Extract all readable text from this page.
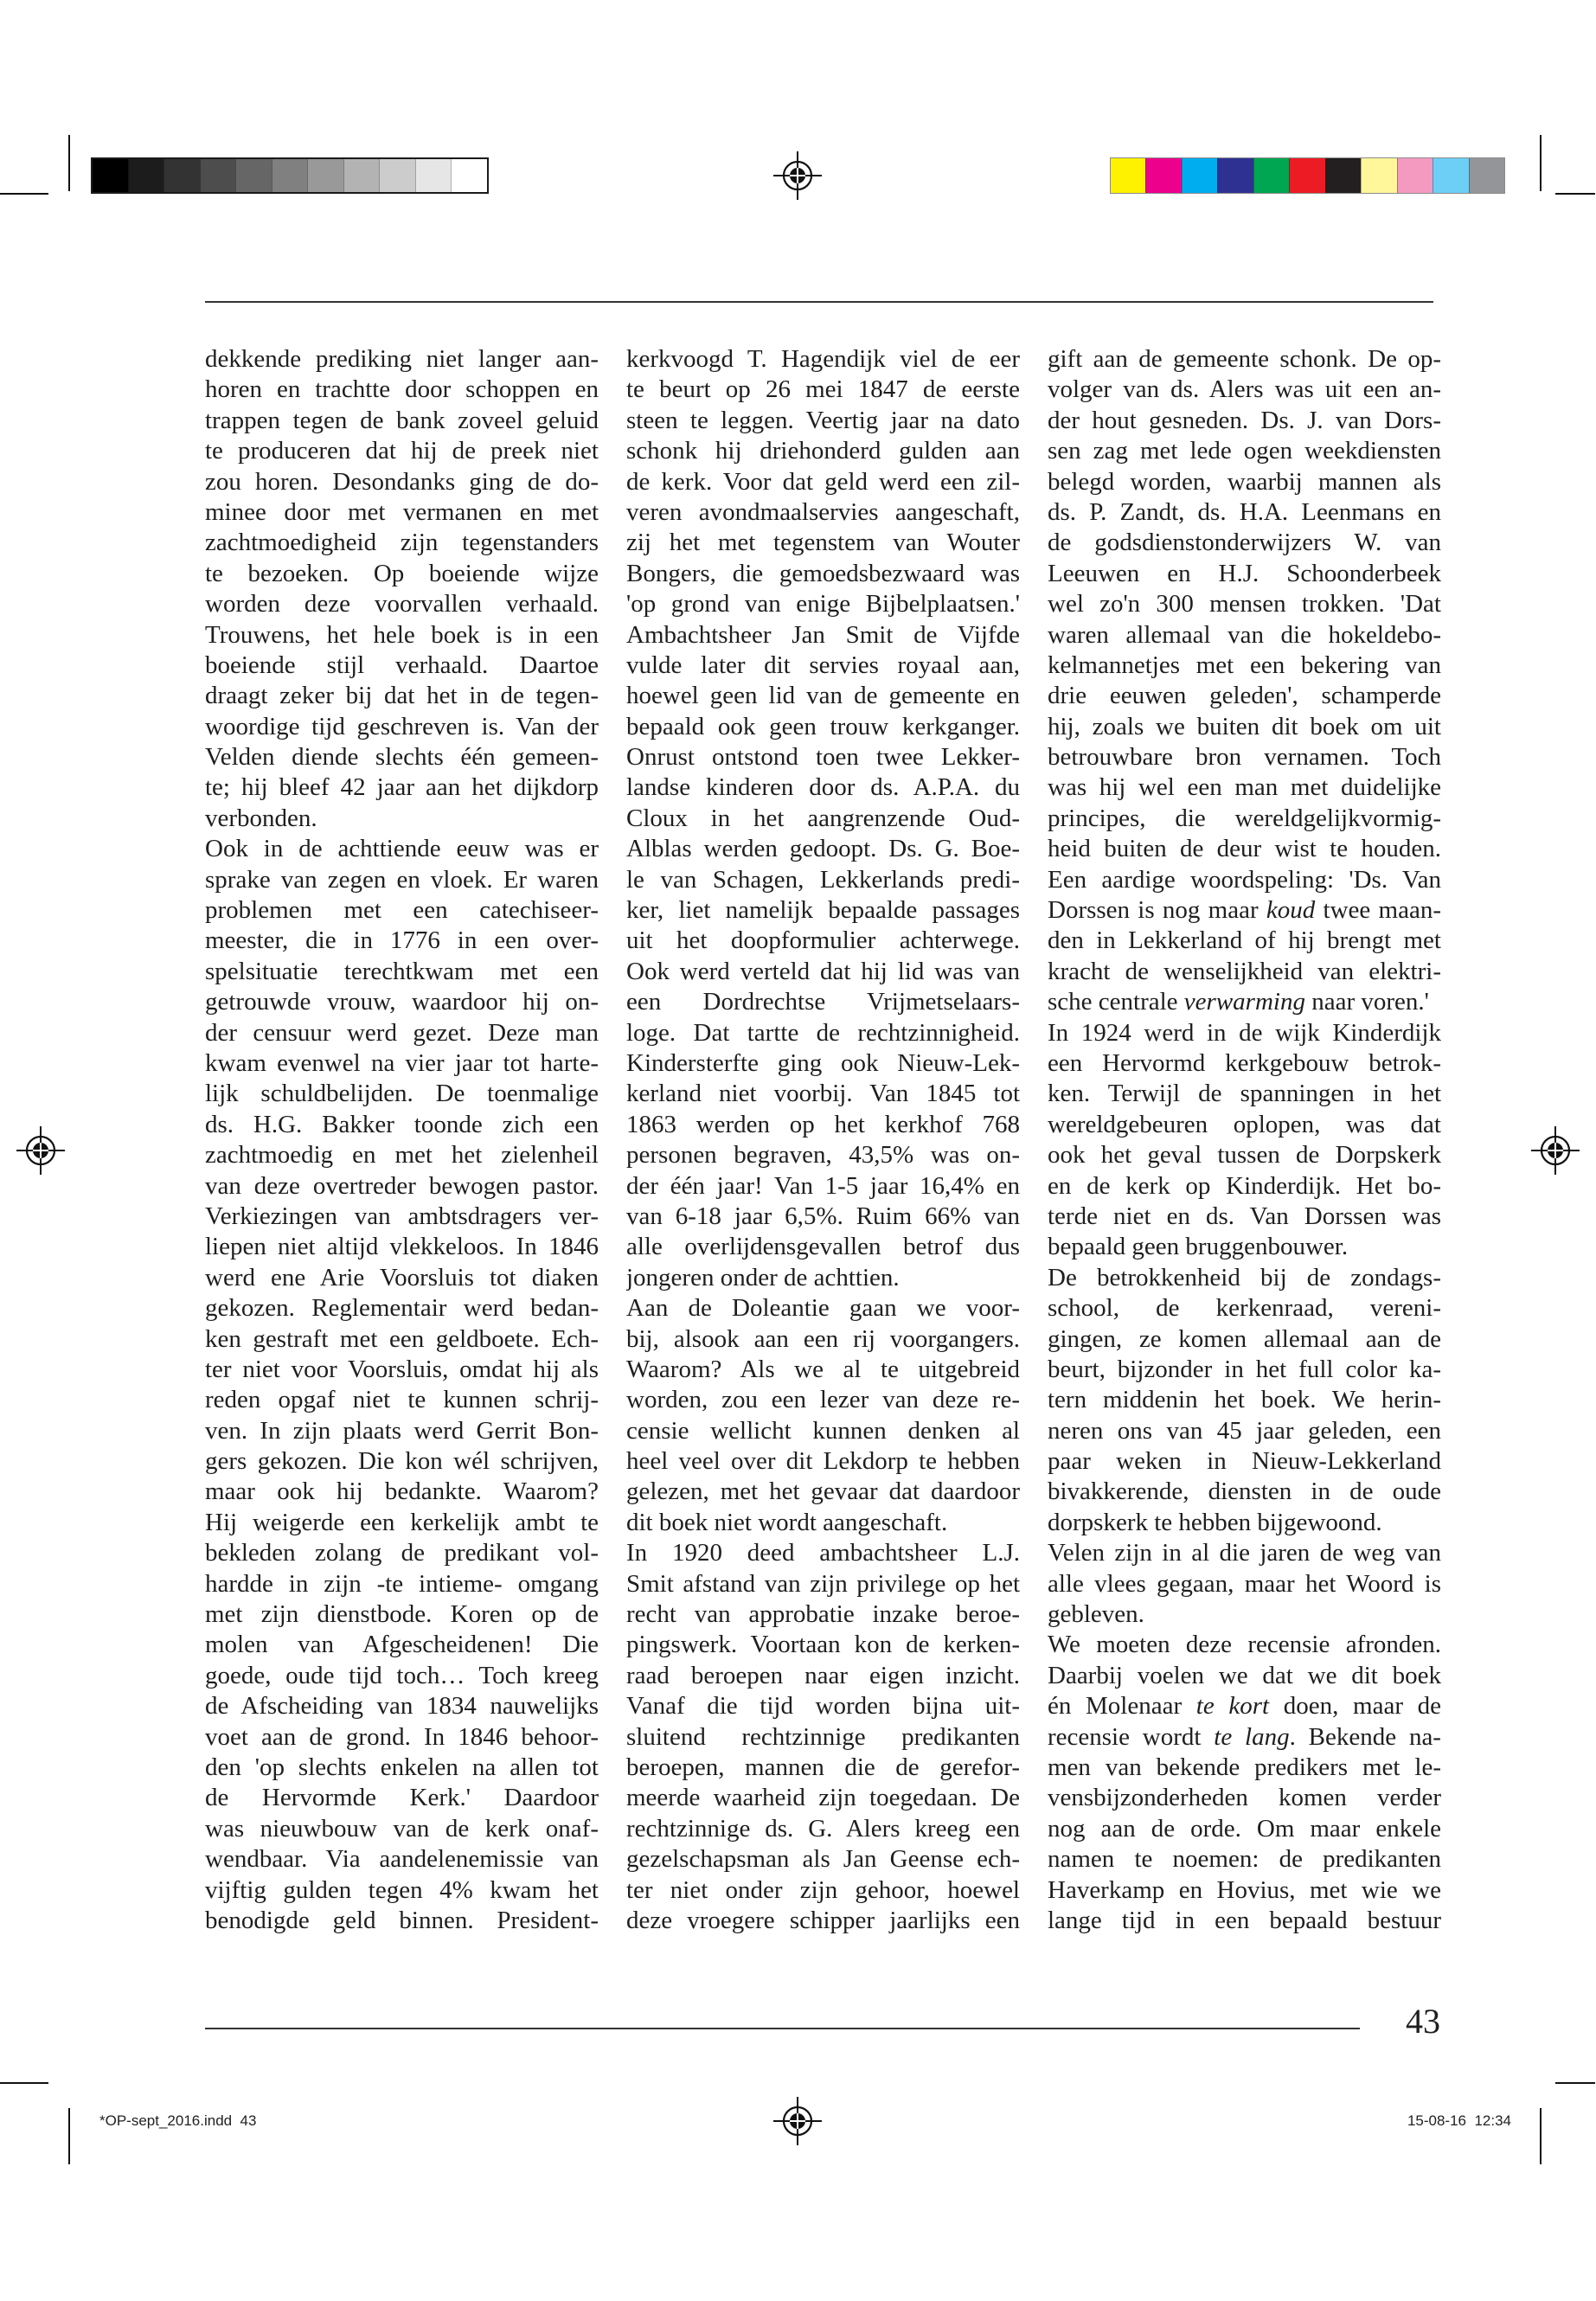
dekkende prediking niet langer aan-
horen en trachtte door schoppen en
trappen tegen de bank zoveel geluid
te produceren dat hij de preek niet
zou horen. Desondanks ging de do-
minee door met vermanen en met
zachtmoedigheid zijn tegenstanders
te bezoeken. Op boeiende wijze
worden deze voorvallen verhaald.
Trouwens, het hele boek is in een
boeiende stijl verhaald. Daartoe
draagt zeker bij dat het in de tegen-
woordige tijd geschreven is. Van der
Velden diende slechts één gemeen-
te; hij bleef 42 jaar aan het dijkdorp
verbonden.
Ook in de achttiende eeuw was er
sprake van zegen en vloek. Er waren
problemen met een catechiseer-
meester, die in 1776 in een over-
spelsituatie terechtkwam met een
getrouwde vrouw, waardoor hij on-
der censuur werd gezet. Deze man
kwam evenwel na vier jaar tot harte-
lijk schuldbelijden. De toenmalige
ds. H.G. Bakker toonde zich een
zachtmoedig en met het zielenheil
van deze overtreder bewogen pastor.
Verkiezingen van ambtsdragers ver-
liepen niet altijd vlekkeloos. In 1846
werd ene Arie Voorsluis tot diaken
gekozen. Reglementair werd bedan-
ken gestraft met een geldboete. Ech-
ter niet voor Voorsluis, omdat hij als
reden opgaf niet te kunnen schrij-
ven. In zijn plaats werd Gerrit Bon-
gers gekozen. Die kon wél schrijven,
maar ook hij bedankte. Waarom?
Hij weigerde een kerkelijk ambt te
bekleden zolang de predikant vol-
hardde in zijn -te intieme- omgang
met zijn dienstbode. Koren op de
molen van Afgescheidenen! Die
goede, oude tijd toch… Toch kreeg
de Afscheiding van 1834 nauwelijks
voet aan de grond. In 1846 behoor-
den 'op slechts enkelen na allen tot
de Hervormde Kerk.' Daardoor
was nieuwbouw van de kerk onaf-
wendbaar. Via aandelenemissie van
vijftig gulden tegen 4% kwam het
benodigde geld binnen. President-
kerkvoogd T. Hagendijk viel de eer
te beurt op 26 mei 1847 de eerste
steen te leggen. Veertig jaar na dato
schonk hij driehonderd gulden aan
de kerk. Voor dat geld werd een zil-
veren avondmaalservies aangeschaft,
zij het met tegenstem van Wouter
Bongers, die gemoedsbezwaard was
'op grond van enige Bijbelplaatsen.'
Ambachtsheer Jan Smit de Vijfde
vulde later dit servies royaal aan,
hoewel geen lid van de gemeente en
bepaald ook geen trouw kerkganger.
Onrust ontstond toen twee Lekker-
landse kinderen door ds. A.P.A. du
Cloux in het aangrenzende Oud-
Alblas werden gedoopt. Ds. G. Boe-
le van Schagen, Lekkerlands predi-
ker, liet namelijk bepaalde passages
uit het doopformulier achterwege.
Ook werd verteld dat hij lid was van
een Dordrechtse Vrijmetselaars-
loge. Dat tartte de rechtzinnigheid.
Kindersterfte ging ook Nieuw-Lek-
kerland niet voorbij. Van 1845 tot
1863 werden op het kerkhof 768
personen begraven, 43,5% was on-
der één jaar! Van 1-5 jaar 16,4% en
van 6-18 jaar 6,5%. Ruim 66% van
alle overlijdensgevallen betrof dus
jongeren onder de achttien.
Aan de Doleantie gaan we voor-
bij, alsook aan een rij voorgangers.
Waarom? Als we al te uitgebreid
worden, zou een lezer van deze re-
censie wellicht kunnen denken al
heel veel over dit Lekdorp te hebben
gelezen, met het gevaar dat daardoor
dit boek niet wordt aangeschaft.
In 1920 deed ambachtsheer L.J.
Smit afstand van zijn privilege op het
recht van approbatie inzake beroe-
pingswerk. Voortaan kon de kerken-
raad beroepen naar eigen inzicht.
Vanaf die tijd worden bijna uit-
sluitend rechtzinnige predikanten
beroepen, mannen die de gerefor-
meerde waarheid zijn toegedaan. De
rechtzinnige ds. G. Alers kreeg een
gezelschapsman als Jan Geense ech-
ter niet onder zijn gehoor, hoewel
deze vroegere schipper jaarlijks een
gift aan de gemeente schonk. De op-
volger van ds. Alers was uit een an-
der hout gesneden. Ds. J. van Dors-
sen zag met lede ogen weekdiensten
belegd worden, waarbij mannen als
ds. P. Zandt, ds. H.A. Leenmans en
de godsdienstonderwijzers W. van
Leeuwen en H.J. Schoonderbeek
wel zo'n 300 mensen trokken. 'Dat
waren allemaal van die hokeldebo-
kelmannetjes met een bekering van
drie eeuwen geleden', schamperde
hij, zoals we buiten dit boek om uit
betrouwbare bron vernamen. Toch
was hij wel een man met duidelijke
principes, die wereldgelijkvormig-
heid buiten de deur wist te houden.
Een aardige woordspeling: 'Ds. Van
Dorssen is nog maar koud twee maan-
den in Lekkerland of hij brengt met
kracht de wenselijkheid van elektri-
sche centrale verwarming naar voren.'
In 1924 werd in de wijk Kinderdijk
een Hervormd kerkgebouw betrok-
ken. Terwijl de spanningen in het
wereldgebeuren oplopen, was dat
ook het geval tussen de Dorpskerk
en de kerk op Kinderdijk. Het bo-
terde niet en ds. Van Dorssen was
bepaald geen bruggenbouwer.
De betrokkenheid bij de zondags-
school, de kerkenraad, vereni-
gingen, ze komen allemaal aan de
beurt, bijzonder in het full color ka-
tern middenin het boek. We herin-
neren ons van 45 jaar geleden, een
paar weken in Nieuw-Lekkerland
bivakkerende, diensten in de oude
dorpskerk te hebben bijgewoond.
Velen zijn in al die jaren de weg van
alle vlees gegaan, maar het Woord is
gebleven.
We moeten deze recensie afronden.
Daarbij voelen we dat we dit boek
én Molenaar te kort doen, maar de
recensie wordt te lang. Bekende na-
men van bekende predikers met le-
vensbijzonderheden komen verder
nog aan de orde. Om maar enkele
namen te noemen: de predikanten
Haverkamp en Hovius, met wie we
lange tijd in een bepaald bestuur
43
*OP-sept_2016.indd  43	15-08-16  12:34
